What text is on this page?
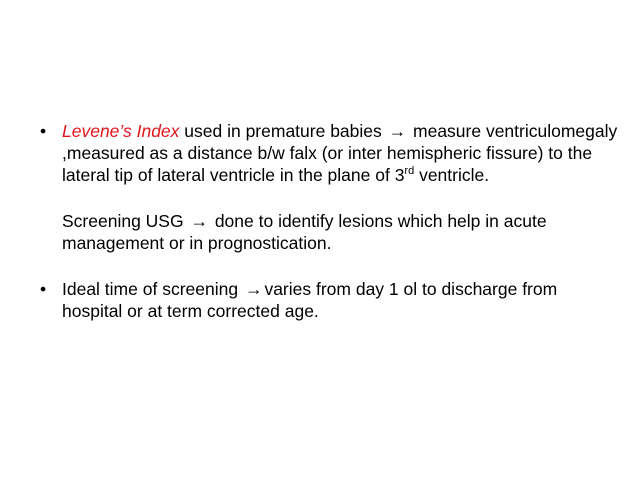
• Levene’s Index used in premature babies → measure ventriculomegaly ,measured as a distance b/w falx (or inter hemispheric fissure) to the lateral tip of lateral ventricle in the plane of 3rd ventricle.
Screening USG → done to identify lesions which help in acute management or in prognostication.
• Ideal time of screening → varies from day 1 ol to discharge from hospital or at term corrected age.
